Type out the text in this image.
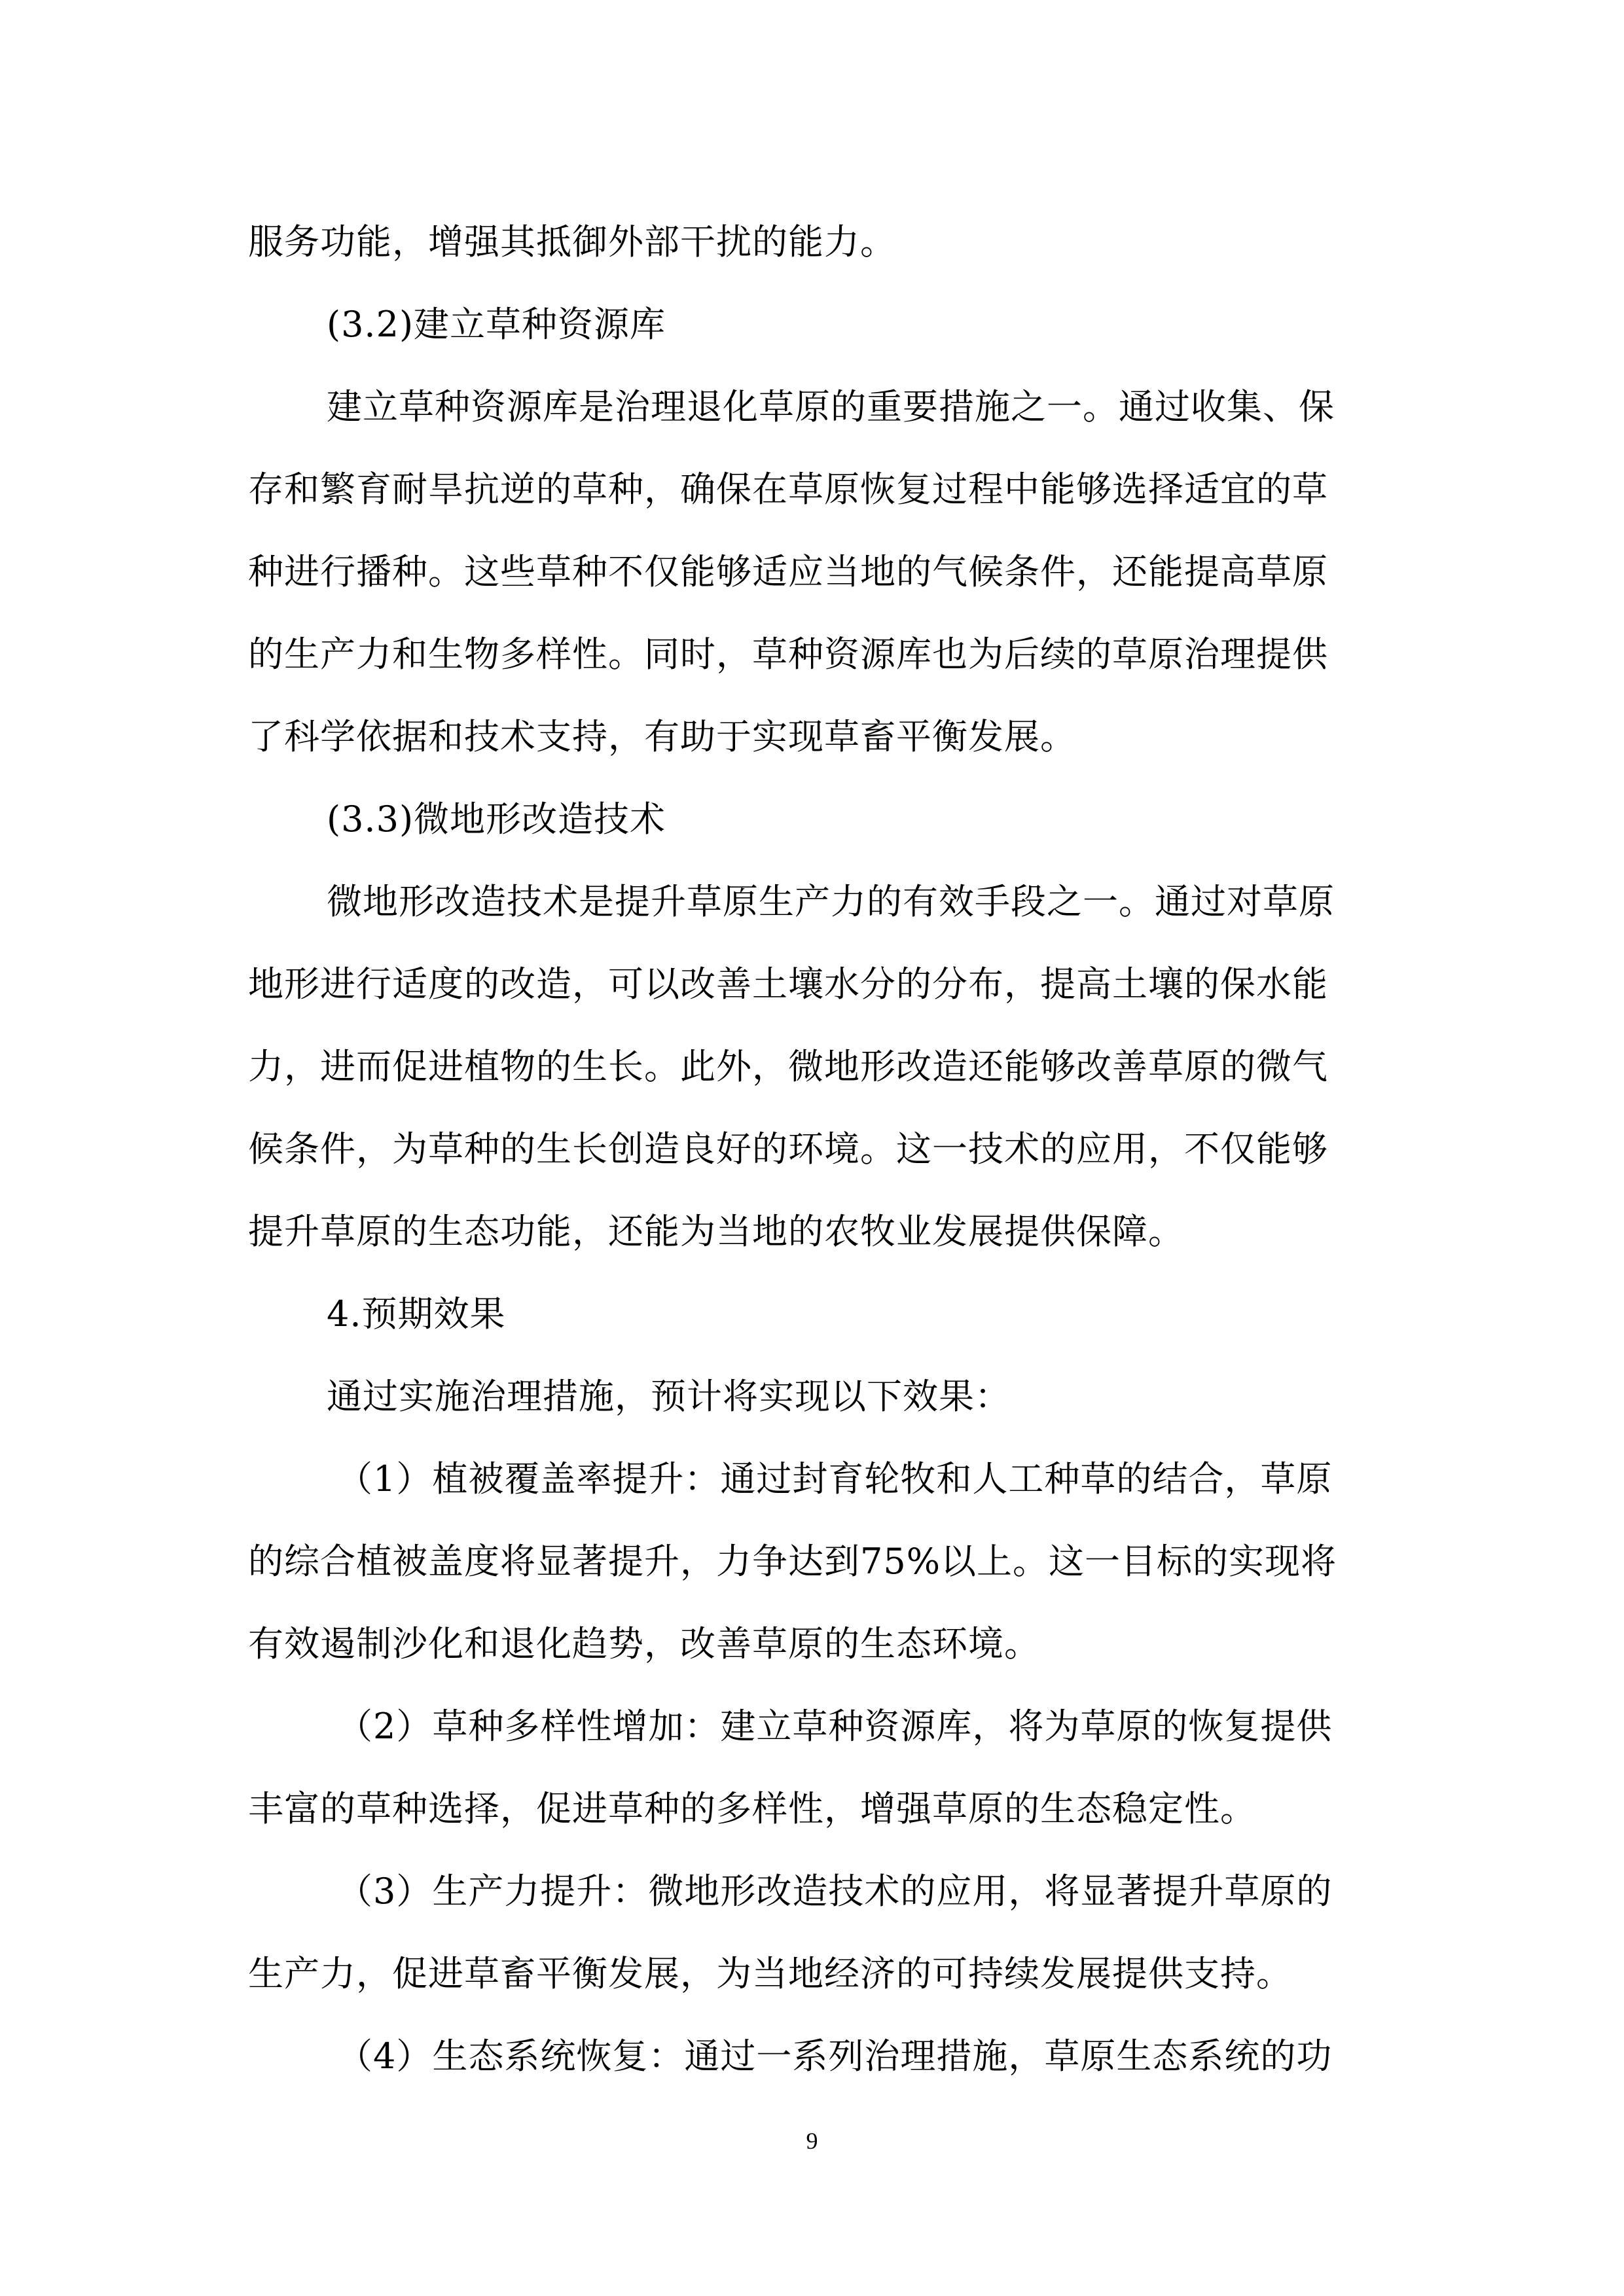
服务功能，增强其抵御外部干扰的能力。
(3.2)建立草种资源库
建立草种资源库是治理退化草原的重要措施之一。通过收集、保
存和繁育耐旱抗逆的草种，确保在草原恢复过程中能够选择适宜的草
种进行播种。这些草种不仅能够适应当地的气候条件，还能提高草原
的生产力和生物多样性。同时，草种资源库也为后续的草原治理提供
了科学依据和技术支持，有助于实现草畜平衡发展。
(3.3)微地形改造技术
微地形改造技术是提升草原生产力的有效手段之一。通过对草原
地形进行适度的改造，可以改善土壤水分的分布，提高土壤的保水能
力，进而促进植物的生长。此外，微地形改造还能够改善草原的微气
候条件，为草种的生长创造良好的环境。这一技术的应用，不仅能够
提升草原的生态功能，还能为当地的农牧业发展提供保障。
4.预期效果
通过实施治理措施，预计将实现以下效果：
（1）植被覆盖率提升：通过封育轮牧和人工种草的结合，草原
的综合植被盖度将显著提升，力争达到75%以上。这一目标的实现将
有效遏制沙化和退化趋势，改善草原的生态环境。
（2）草种多样性增加：建立草种资源库，将为草原的恢复提供
丰富的草种选择，促进草种的多样性，增强草原的生态稳定性。
（3）生产力提升：微地形改造技术的应用，将显著提升草原的
生产力，促进草畜平衡发展，为当地经济的可持续发展提供支持。
（4）生态系统恢复：通过一系列治理措施，草原生态系统的功
9
